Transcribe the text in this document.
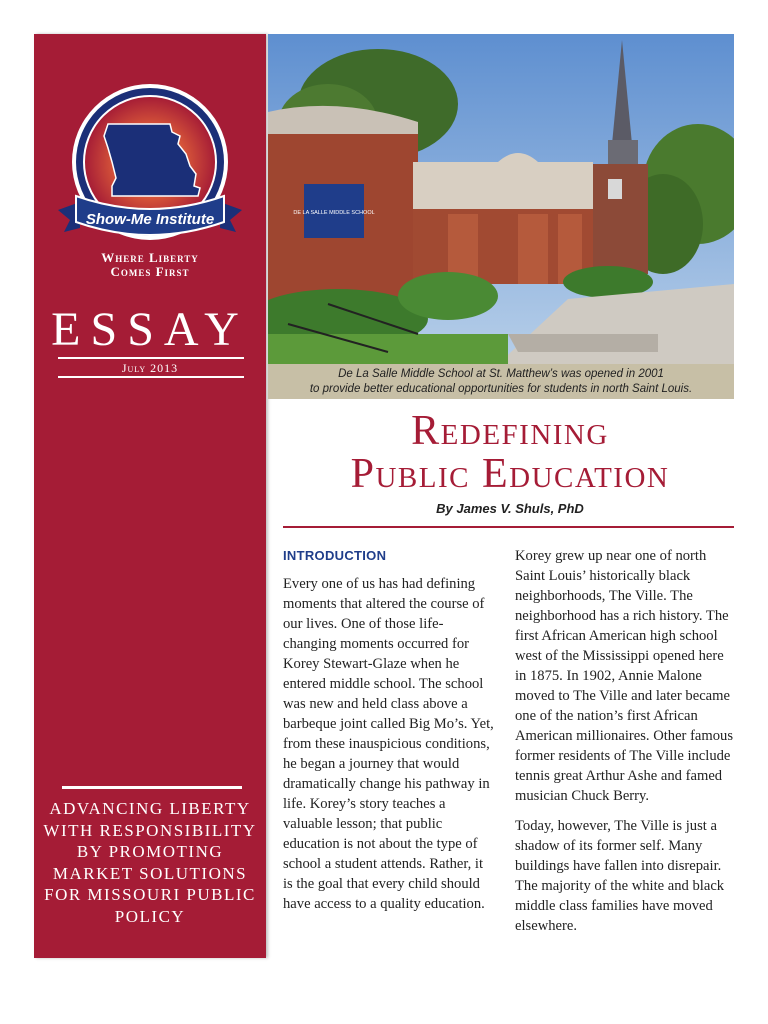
Show-Me Institute
Where Liberty
Comes First
ESSAY
July 2013
ADVANCING LIBERTY WITH RESPONSIBILITY BY PROMOTING MARKET SOLUTIONS FOR MISSOURI PUBLIC POLICY
DE LA SALLE MIDDLE SCHOOL
De La Salle Middle School at St. Matthew’s was opened in 2001
to provide better educational opportunities for students in north Saint Louis.
Redefining
Public Education
By James V. Shuls, PhD
INTRODUCTION

Every one of us has had defining moments that altered the course of our lives. One of those life-changing moments occurred for Korey Stewart-Glaze when he entered middle school. The school was new and held class above a barbeque joint called Big Mo’s. Yet, from these inauspicious conditions, he began a journey that would dramatically change his pathway in life. Korey’s story teaches a valuable lesson; that public education is not about the type of school a student attends. Rather, it is the goal that every child should have access to a quality education.

Korey grew up near one of north Saint Louis’ historically black neighborhoods, The Ville. The neighborhood has a rich history. The first African American high school west of the Mississippi opened here in 1875. In 1902, Annie Malone moved to The Ville and later became one of the nation’s first African American millionaires. Other famous former residents of The Ville include tennis great Arthur Ashe and famed musician Chuck Berry.

Today, however, The Ville is just a shadow of its former self. Many buildings have fallen into disrepair. The majority of the white and black middle class families have moved elsewhere.
